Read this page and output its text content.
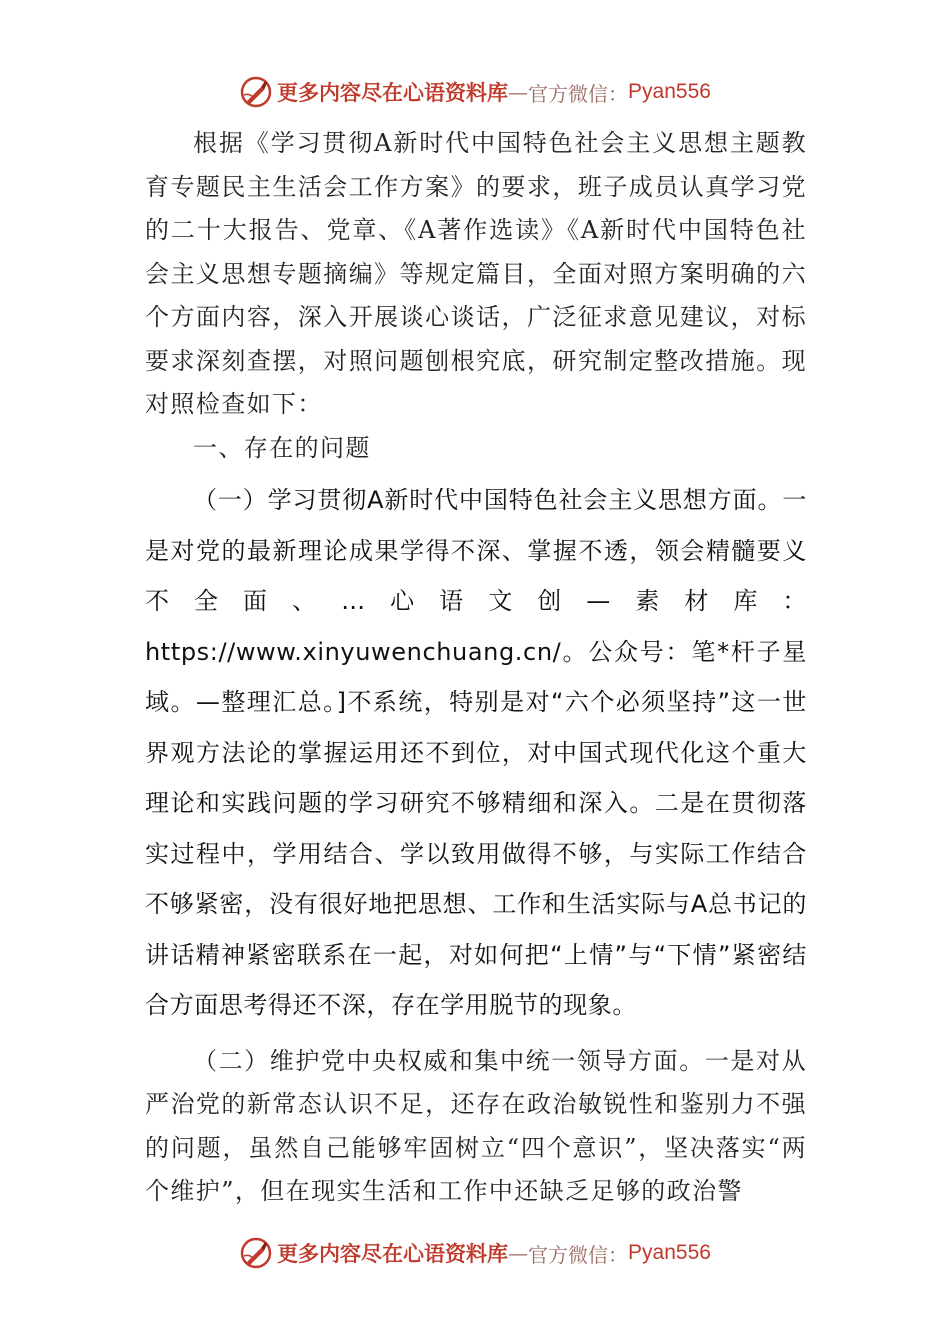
更多内容尽在心语资料库 — 官方微信： Pyan556

根据《学习贯彻A新时代中国特色社会主义思想主题教育专题民主生活会工作方案》的要求，班子成员认真学习党的二十大报告、党章、《A著作选读》《A新时代中国特色社会主义思想专题摘编》等规定篇目，全面对照方案明确的六个方面内容，深入开展谈心谈话，广泛征求意见建议，对标要求深刻查摆，对照问题刨根究底，研究制定整改措施。现对照检查如下：

一、存在的问题

（一）学习贯彻A新时代中国特色社会主义思想方面。一是对党的最新理论成果学得不深、掌握不透，领会精髓要义不全面、…心语文创—素材库：https://www.xinyuwenchuang.cn/。公众号：笔*杆子星域。—整理汇总。]不系统，特别是对“六个必须坚持”这一世界观方法论的掌握运用还不到位，对中国式现代化这个重大理论和实践问题的学习研究不够精细和深入。二是在贯彻落实过程中，学用结合、学以致用做得不够，与实际工作结合不够紧密，没有很好地把思想、工作和生活实际与A总书记的讲话精神紧密联系在一起，对如何把“上情”与“下情”紧密结合方面思考得还不深，存在学用脱节的现象。

（二）维护党中央权威和集中统一领导方面。一是对从严治党的新常态认识不足，还存在政治敏锐性和鉴别力不强的问题，虽然自己能够牢固树立“四个意识”，坚决落实“两个维护”，但在现实生活和工作中还缺乏足够的政治警

更多内容尽在心语资料库 — 官方微信： Pyan556
